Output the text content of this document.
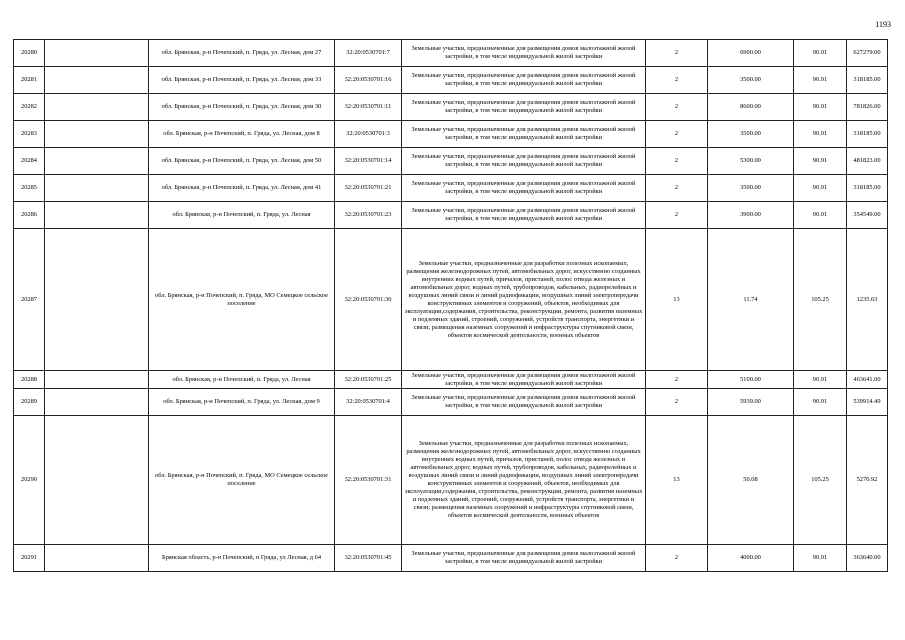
1193
20280		обл. Брянская, р-н Почепский, п. Гряда, ул. Лесная, дом 27	32:20:0530701:7	Земельные участки, предназначенные для размещения домов малоэтажной жилой застройки, в том числе индивидуальной жилой застройки	2	6900.00	90.91	627279.00
20281		обл. Брянская, р-н Почепский, п. Гряда, ул. Лесная, дом 33	32:20:0530701:16	Земельные участки, предназначенные для размещения домов малоэтажной жилой застройки, в том числе индивидуальной жилой застройки	2	3500.00	90.91	318185.00
20282		обл. Брянская, р-н Почепский, п. Гряда, ул. Лесная, дом 30	32:20:0530701:11	Земельные участки, предназначенные для размещения домов малоэтажной жилой застройки, в том числе индивидуальной жилой застройки	2	8600.00	90.91	781826.00
20283		обл. Брянская, р-н Почепский, п. Гряда, ул. Лесная, дом 8	32:20:0530701:3	Земельные участки, предназначенные для размещения домов малоэтажной жилой застройки, в том числе индивидуальной жилой застройки	2	3500.00	90.91	318185.00
20284		обл. Брянская, р-н Почепский, п. Гряда, ул. Лесная, дом 50	32:20:0530701:14	Земельные участки, предназначенные для размещения домов малоэтажной жилой застройки, в том числе индивидуальной жилой застройки	2	5300.00	90.91	481823.00
20285		обл. Брянская, р-н Почепский, п. Гряда, ул. Лесная, дом 41	32:20:0530701:21	Земельные участки, предназначенные для размещения домов малоэтажной жилой застройки, в том числе индивидуальной жилой застройки	2	3500.00	90.91	318185.00
20286		обл. Брянская, р-н Почепский, п. Гряда, ул. Лесная	32:20:0530701:23	Земельные участки, предназначенные для размещения домов малоэтажной жилой застройки, в том числе индивидуальной жилой застройки	2	3900.00	90.91	354549.00
20287		обл. Брянская, р-н Почепский, п. Гряда, МО Семецкое сельское поселение	32:20:0530701:30	Земельные участки, предназначенные для разработки полезных ископаемых, размещения железнодорожных путей, автомобильных дорог, искусственно созданных внутренних водных путей, причалов, пристаней, полос отвода железных и автомобильных дорог, водных путей, трубопроводов, кабельных, радиорелейных и воздушных линий связи и линий радиофикации, воздушных линий электропередачи конструктивных элементов и сооружений, объектов, необходимых для эксплуатации,содержания, строительства, реконструкции, ремонта, развития наземных и подземных зданий, строений, сооружений, устройств транспорта, энергетики и связи; размещения наземных сооружений и инфраструктуры спутниковой связи, объектов космической деятельности, военных объектов	13	11.74	105.25	1235.63
20288		обл. Брянская, р-н Почепский, п. Гряда, ул. Лесная	32:20:0530701:25	Земельные участки, предназначенные для размещения домов малоэтажной жилой застройки, в том числе индивидуальной жилой застройки	2	5100.00	90.91	463641.00
20289		обл. Брянская, р-н Почепский, п. Гряда, ул. Лесная, дом 9	32:20:0530701:4	Земельные участки, предназначенные для размещения домов малоэтажной жилой застройки, в том числе индивидуальной жилой застройки	2	5939.00	90.91	539914.49
20290		обл. Брянская, р-н Почепский, п. Гряда, МО Семецкое сельское поселение	32:20:0530701:31	Земельные участки, предназначенные для разработки полезных ископаемых, размещения железнодорожных путей, автомобильных дорог, искусственно созданных внутренних водных путей, причалов, пристаней, полос отвода железных и автомобильных дорог, водных путей, трубопроводов, кабельных, радиорелейных и воздушных линий связи и линий радиофикации, воздушных линий электропередачи конструктивных элементов и сооружений, объектов, необходимых для эксплуатации,содержания, строительства, реконструкции, ремонта, развития наземных и подземных зданий, строений, сооружений, устройств транспорта, энергетики и связи; размещения наземных сооружений и инфраструктуры спутниковой связи, объектов космической деятельности, военных объектов	13	50.08	105.25	5270.92
20291		Брянская область, р-н Почепский, п Гряда, ул Лесная, д 64	32:20:0530701:45	Земельные участки, предназначенные для размещения домов малоэтажной жилой застройки, в том числе индивидуальной жилой застройки	2	4000.00	90.91	363640.00
